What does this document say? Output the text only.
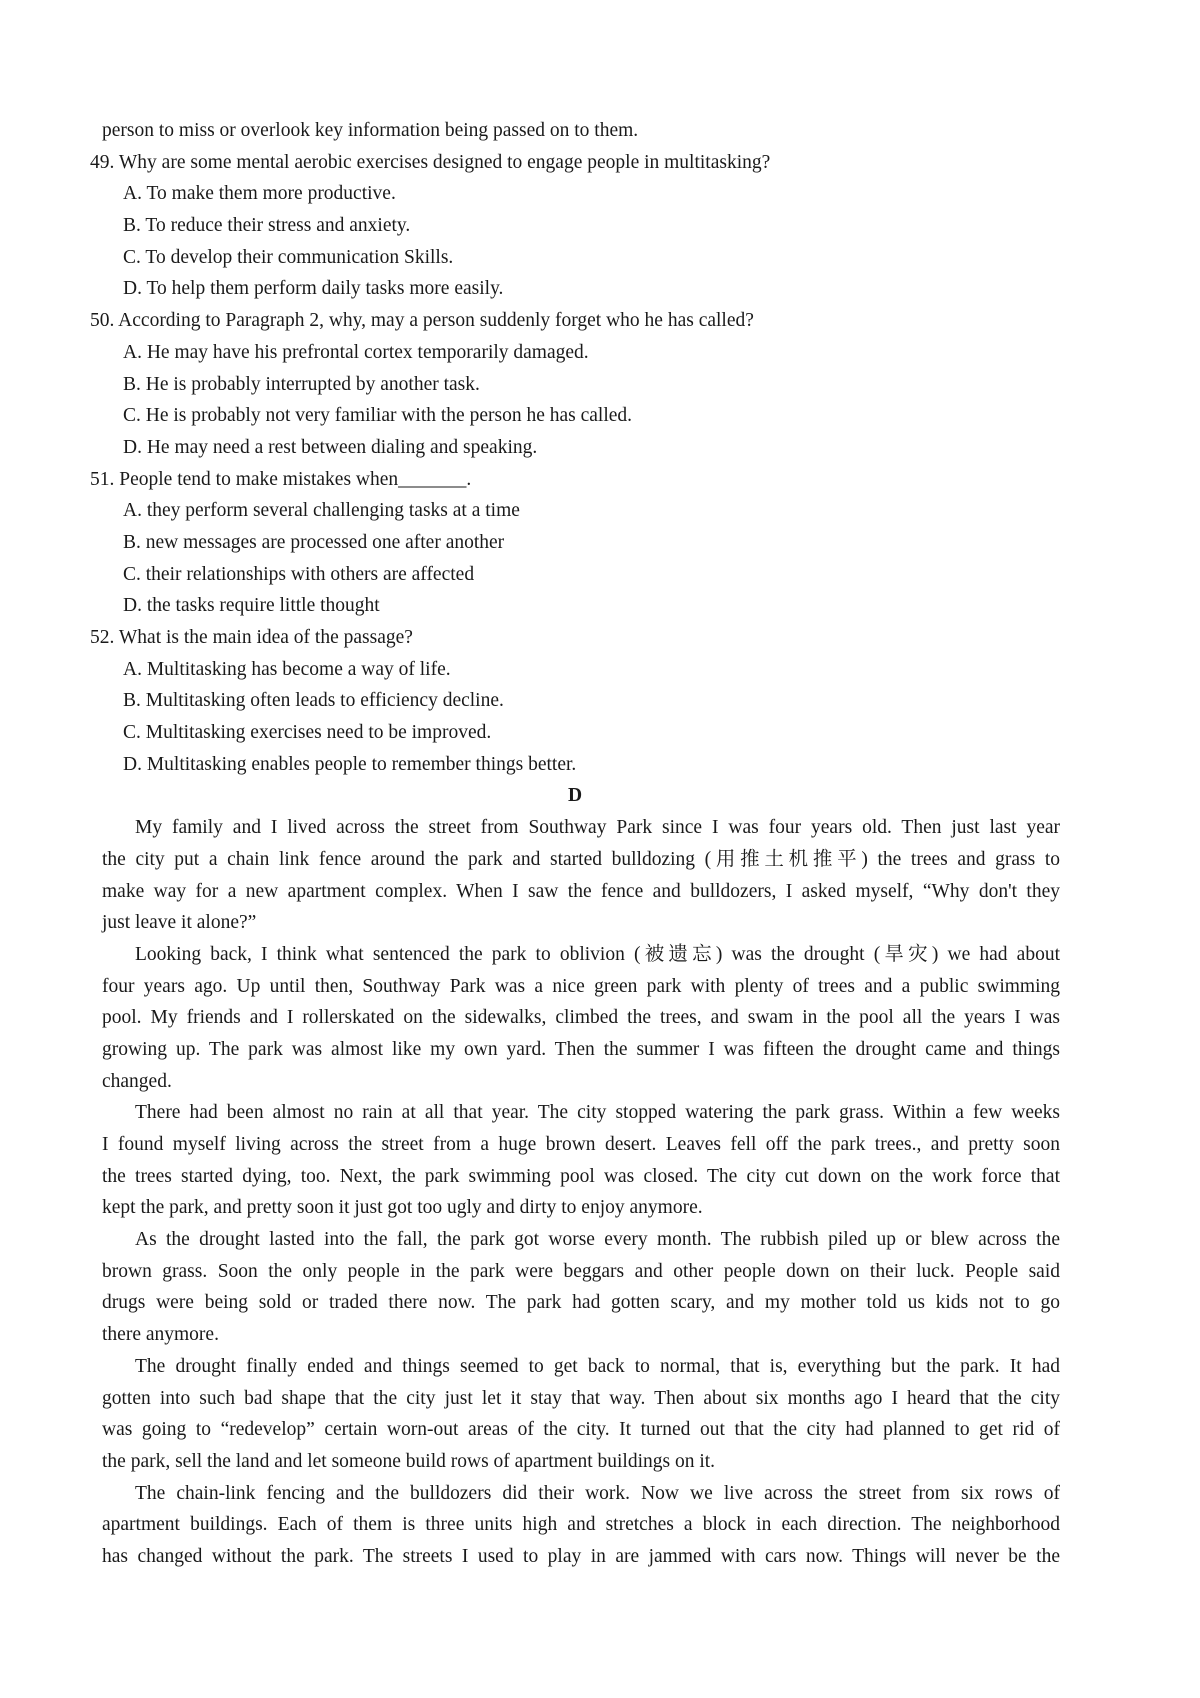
person to miss or overlook key information being passed on to them.
49. Why are some mental aerobic exercises designed to engage people in multitasking?
A. To make them more productive.
B. To reduce their stress and anxiety.
C. To develop their communication Skills.
D. To help them perform daily tasks more easily.
50. According to Paragraph 2, why, may a person suddenly forget who he has called?
A. He may have his prefrontal cortex temporarily damaged.
B. He is probably interrupted by another task.
C. He is probably not very familiar with the person he has called.
D. He may need a rest between dialing and speaking.
51. People tend to make mistakes when_______.
A. they perform several challenging tasks at a time
B. new messages are processed one after another
C. their relationships with others are affected
D. the tasks require little thought
52. What is the main idea of the passage?
A. Multitasking has become a way of life.
B. Multitasking often leads to efficiency decline.
C. Multitasking exercises need to be improved.
D. Multitasking enables people to remember things better.
D
My family and I lived across the street from Southway Park since I was four years old. Then just last year
the city put a chain link fence around the park and started bulldozing (用推土机推平) the trees and grass to
make way for a new apartment complex. When I saw the fence and bulldozers, I asked myself, “Why don't they
just leave it alone?”
Looking back, I think what sentenced the park to oblivion (被遗忘) was the drought (旱灾) we had about
four years ago. Up until then, Southway Park was a nice green park with plenty of trees and a public swimming
pool. My friends and I rollerskated on the sidewalks, climbed the trees, and swam in the pool all the years I was
growing up. The park was almost like my own yard. Then the summer I was fifteen the drought came and things
changed.
There had been almost no rain at all that year. The city stopped watering the park grass. Within a few weeks
I found myself living across the street from a huge brown desert. Leaves fell off the park trees., and pretty soon
the trees started dying, too. Next, the park swimming pool was closed. The city cut down on the work force that
kept the park, and pretty soon it just got too ugly and dirty to enjoy anymore.
As the drought lasted into the fall, the park got worse every month. The rubbish piled up or blew across the
brown grass. Soon the only people in the park were beggars and other people down on their luck. People said
drugs were being sold or traded there now. The park had gotten scary, and my mother told us kids not to go
there anymore.
The drought finally ended and things seemed to get back to normal, that is, everything but the park. It had
gotten into such bad shape that the city just let it stay that way. Then about six months ago I heard that the city
was going to “redevelop” certain worn-out areas of the city. It turned out that the city had planned to get rid of
the park, sell the land and let someone build rows of apartment buildings on it.
The chain-link fencing and the bulldozers did their work. Now we live across the street from six rows of
apartment buildings. Each of them is three units high and stretches a block in each direction. The neighborhood
has changed without the park. The streets I used to play in are jammed with cars now. Things will never be the
